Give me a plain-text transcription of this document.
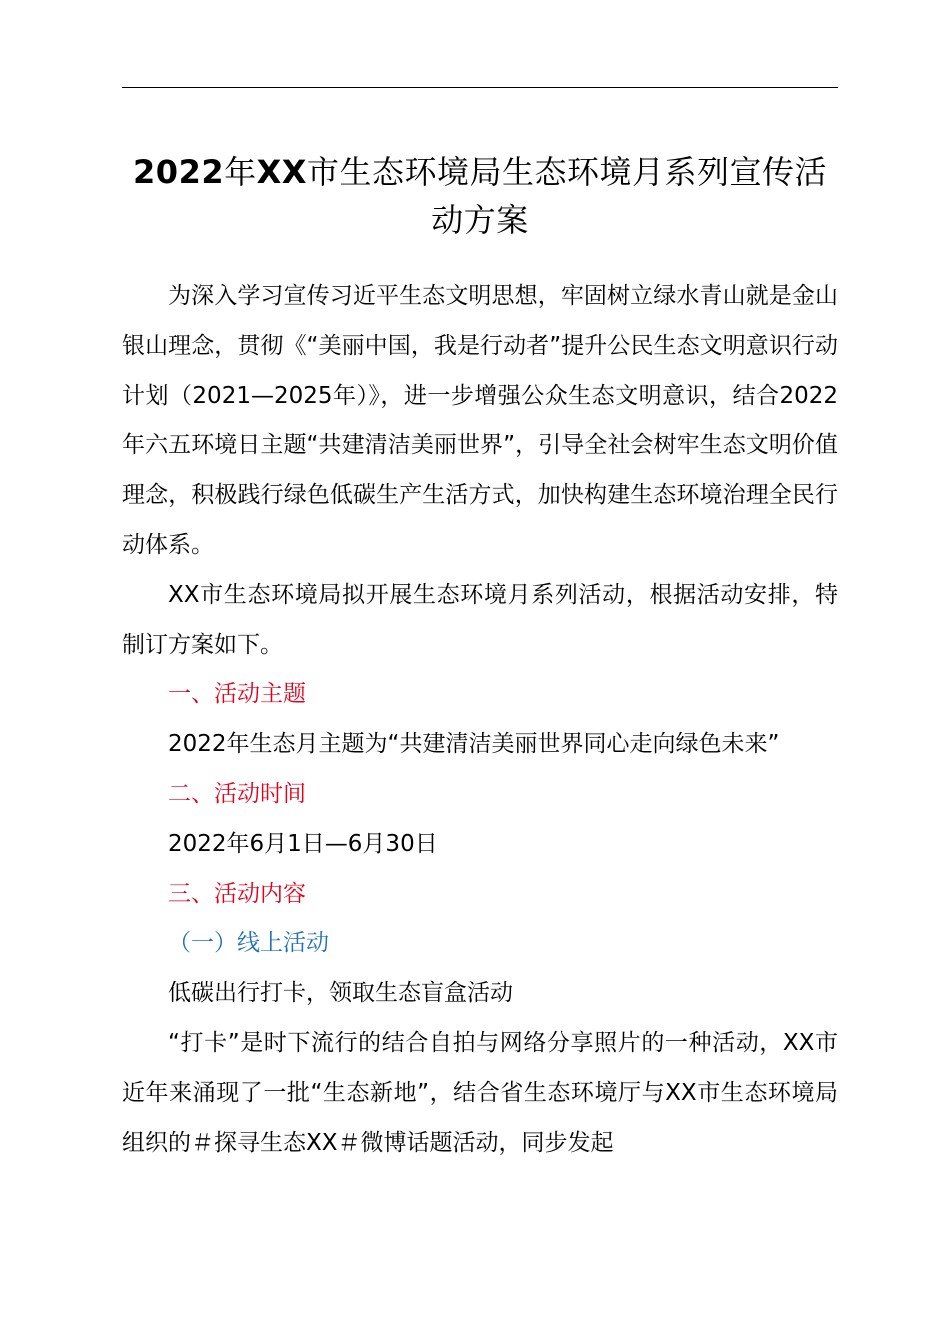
2022年XX市生态环境局生态环境月系列宣传活动方案

为深入学习宣传习近平生态文明思想，牢固树立绿水青山就是金山银山理念，贯彻《“美丽中国，我是行动者”提升公民生态文明意识行动计划（2021—2025年）》，进一步增强公众生态文明意识，结合2022年六五环境日主题“共建清洁美丽世界”，引导全社会树牢生态文明价值理念，积极践行绿色低碳生产生活方式，加快构建生态环境治理全民行动体系。

XX市生态环境局拟开展生态环境月系列活动，根据活动安排，特制订方案如下。

一、活动主题

2022年生态月主题为“共建清洁美丽世界同心走向绿色未来”

二、活动时间

2022年6月1日—6月30日

三、活动内容

（一）线上活动

低碳出行打卡，领取生态盲盒活动

“打卡”是时下流行的结合自拍与网络分享照片的一种活动，XX市近年来涌现了一批“生态新地”，结合省生态环境厅与XX市生态环境局组织的＃探寻生态XX＃微博话题活动，同步发起
